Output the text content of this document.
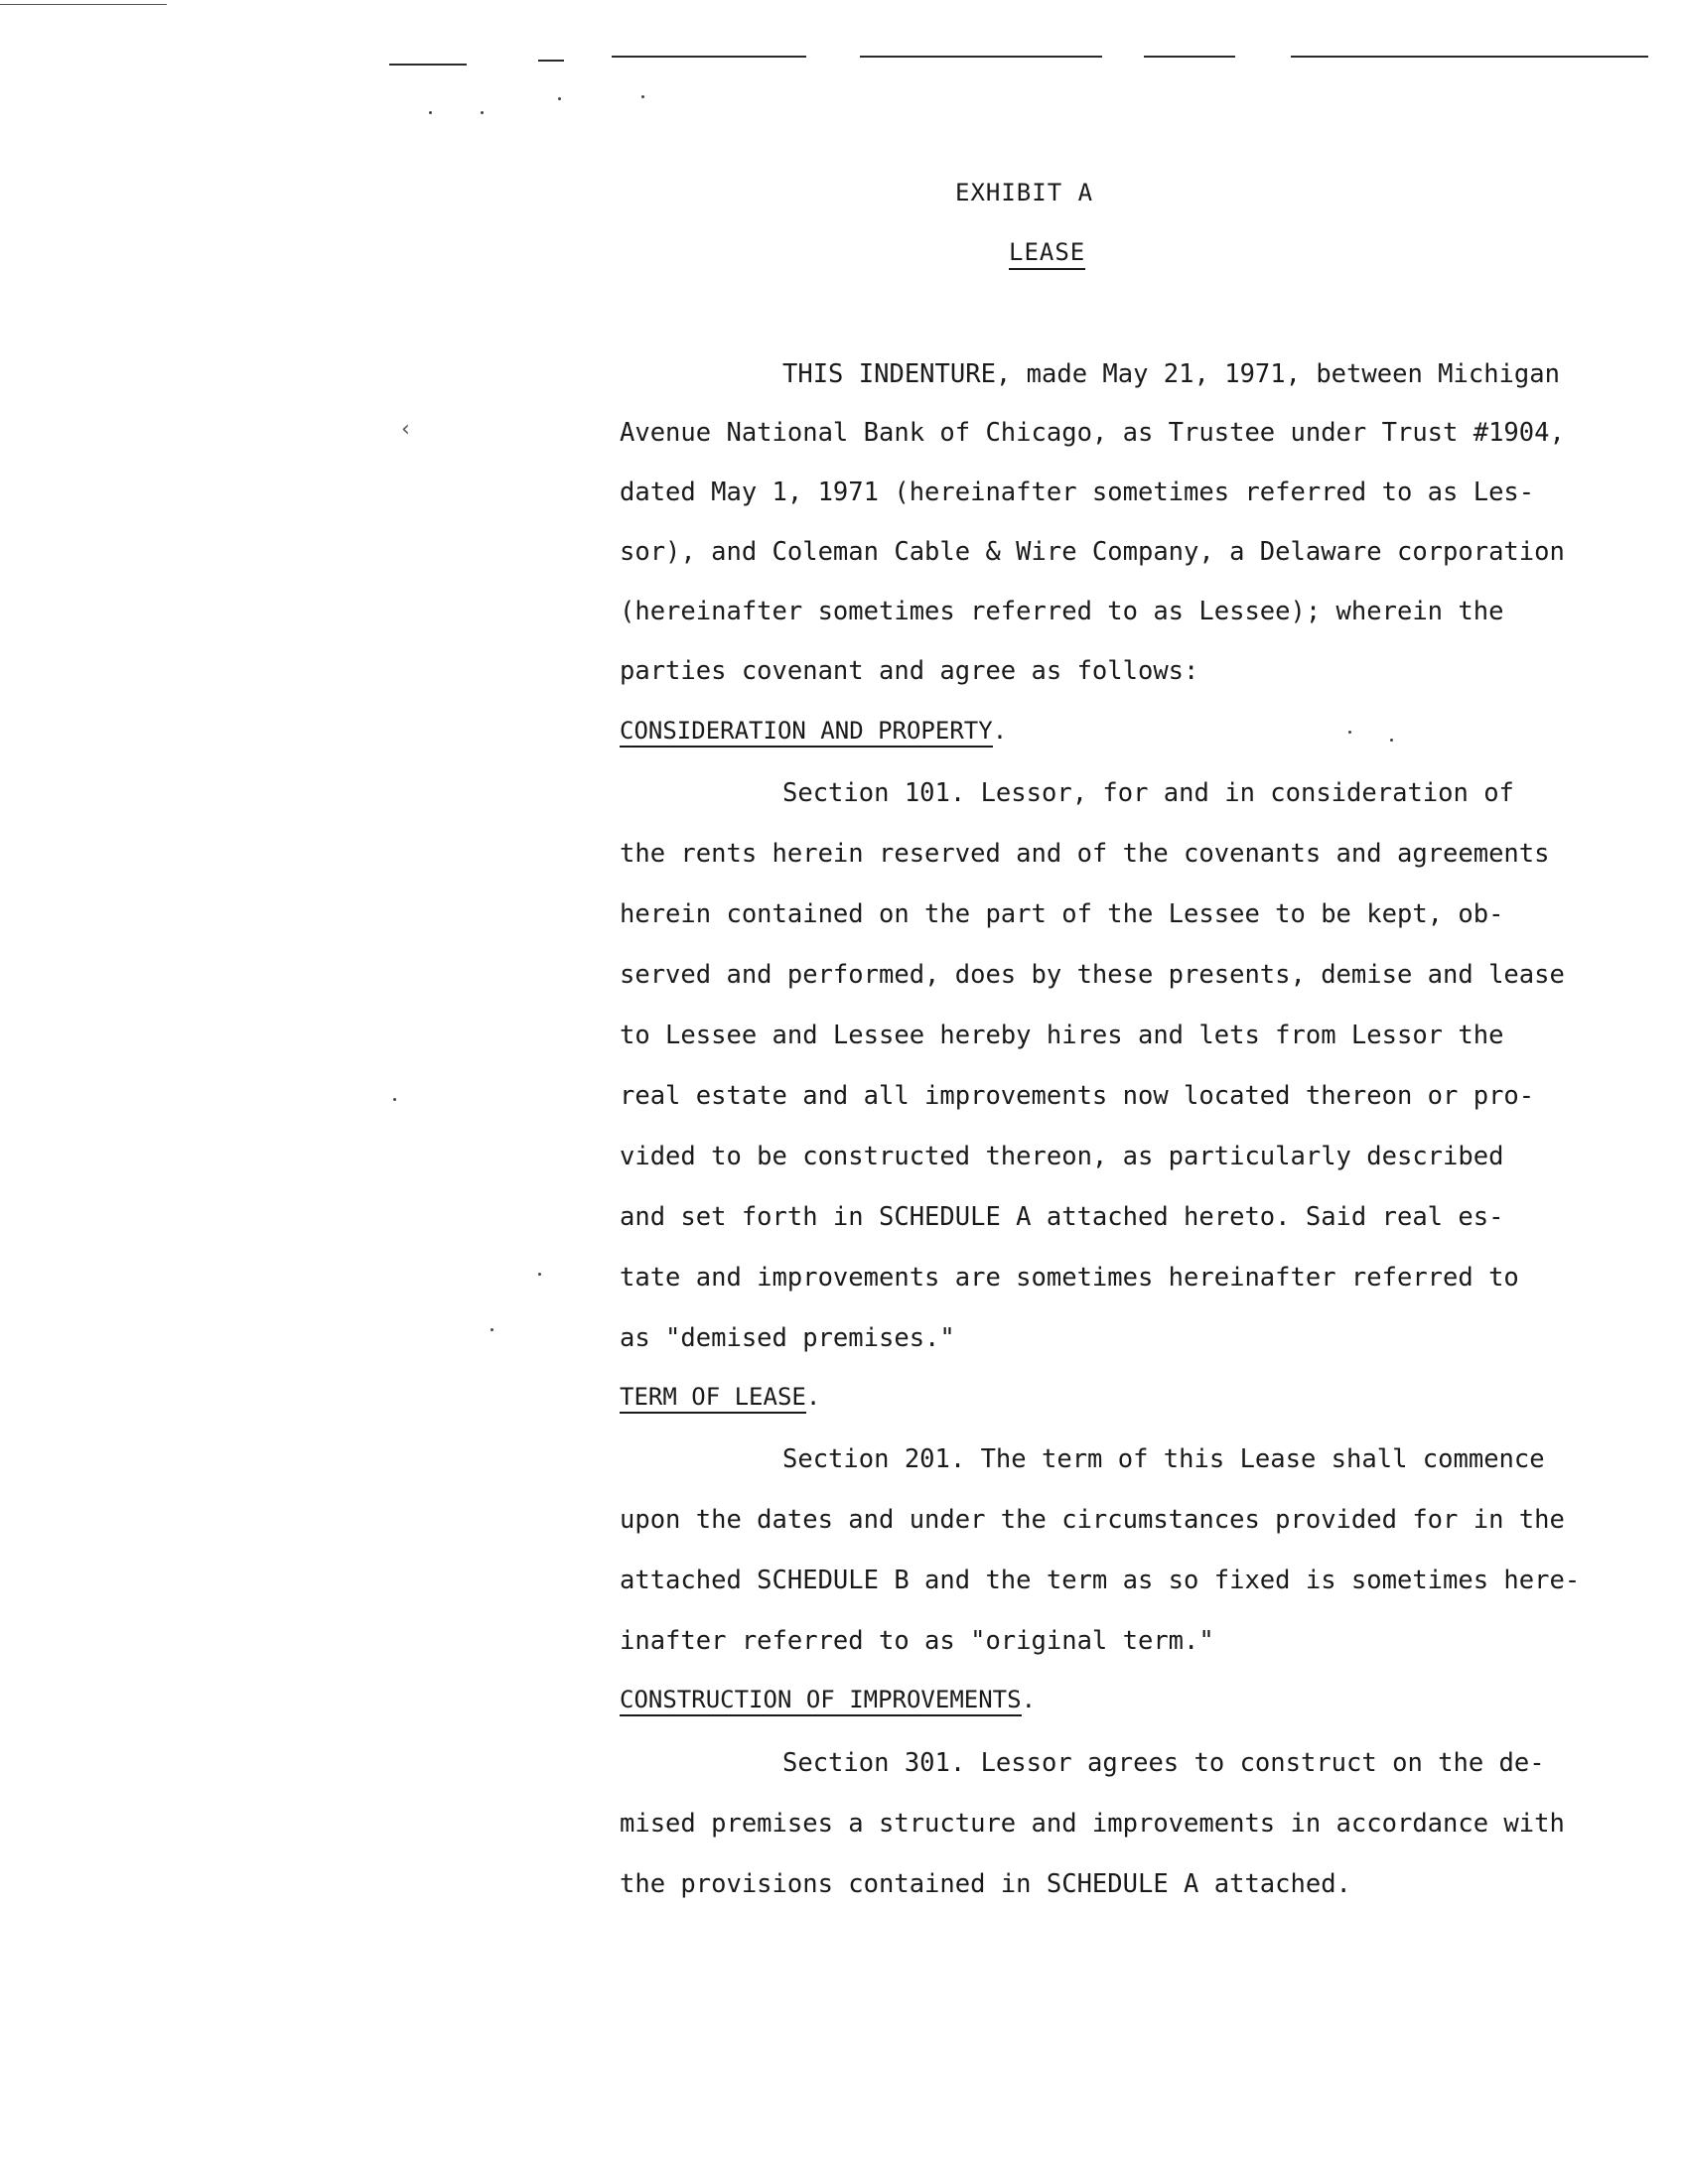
‹
EXHIBIT A
LEASE
THIS INDENTURE, made May 21, 1971, between Michigan
Avenue National Bank of Chicago, as Trustee under Trust #1904,
dated May 1, 1971 (hereinafter sometimes referred to as Les-
sor), and Coleman Cable & Wire Company, a Delaware corporation
(hereinafter sometimes referred to as Lessee); wherein the
parties covenant and agree as follows:
CONSIDERATION AND PROPERTY.
Section 101. Lessor, for and in consideration of
the rents herein reserved and of the covenants and agreements
herein contained on the part of the Lessee to be kept, ob-
served and performed, does by these presents, demise and lease
to Lessee and Lessee hereby hires and lets from Lessor the
real estate and all improvements now located thereon or pro-
vided to be constructed thereon, as particularly described
and set forth in SCHEDULE A attached hereto. Said real es-
tate and improvements are sometimes hereinafter referred to
as "demised premises."
TERM OF LEASE.
Section 201. The term of this Lease shall commence
upon the dates and under the circumstances provided for in the
attached SCHEDULE B and the term as so fixed is sometimes here-
inafter referred to as "original term."
CONSTRUCTION OF IMPROVEMENTS.
Section 301. Lessor agrees to construct on the de-
mised premises a structure and improvements in accordance with
the provisions contained in SCHEDULE A attached.
